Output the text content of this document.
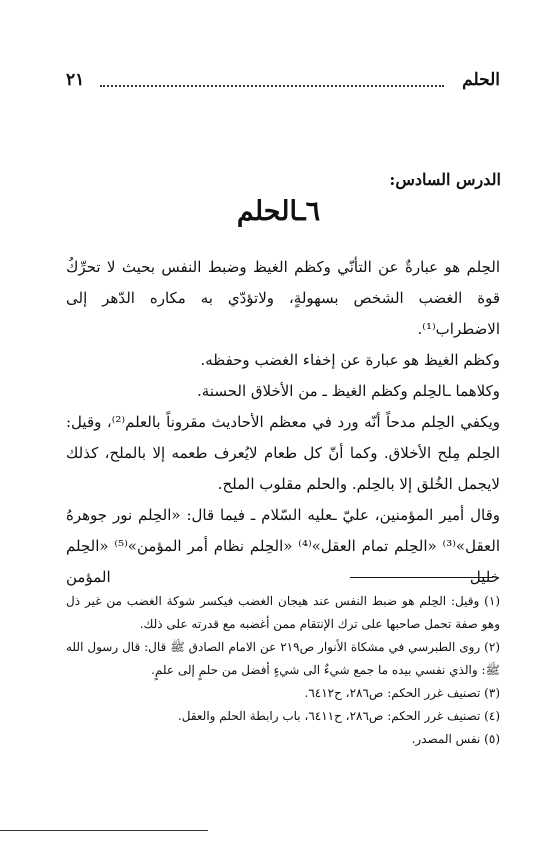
الحلم
٢١
الدرس السادس:
٦ـالحلم

الحِلم هو عبارةٌ عن التأنّي وكظم الغيظ وضبط النفس بحيث لا تحرِّكُ قوة الغضب الشخص بسهولةٍ، ولاتؤدّي به مكاره الدّهر إلى الاضطراب⁽¹⁾.

وكظم الغيظ هو عبارة عن إخفاء الغضب وحفظه.

وكلاهما ـالحِلم وكظم الغيظ ـ من الأخلاق الحسنة.

ويكفي الحِلم مدحاً أنّه ورد في معظم الأحاديث مقروناً بالعلم⁽²⁾، وقيل: الحِلم مِلح الأخلاق. وكما أنّ كل طعام لايُعرف طعمه إلا بالملح، كذلك لايجمل الخُلق إلا بالحِلم. والحلم مقلوب الملح.

وقال أمير المؤمنين، عليّ ـعليه السّلام ـ فيما قال: «الحِلم نور جوهرهُ العقل»⁽³⁾ «الحِلم تمام العقل»⁽⁴⁾ «الحِلم نظام أمر المؤمن»⁽⁵⁾ «الحِلم خليل المؤمن

(١) وقيل: الحِلم هو ضبط النفس عند هيجان الغضب فيكسر شوكة الغضب من غير ذل وهو صفة تحمل صاحبها على ترك الإنتقام ممن أغضبه مع قدرته على ذلك.

(٢) روى الطبرسي في مشكاة الأنوار ص٢١٩ عن الامام الصادق ﷺ قال: قال رسول الله ﷺ: والذي نفسي بيده ما جمع شيءٌ الى شيءٍ أفضل من حلمٍ إلى علمٍ.

(٣) تصنيف غرر الحكم: ص٢٨٦، ح٦٤١٢.

(٤) تصنيف غرر الحكم: ص٢٨٦، ح٦٤١١، باب رابطة الحلم والعقل.

(٥) نفس المصدر.
